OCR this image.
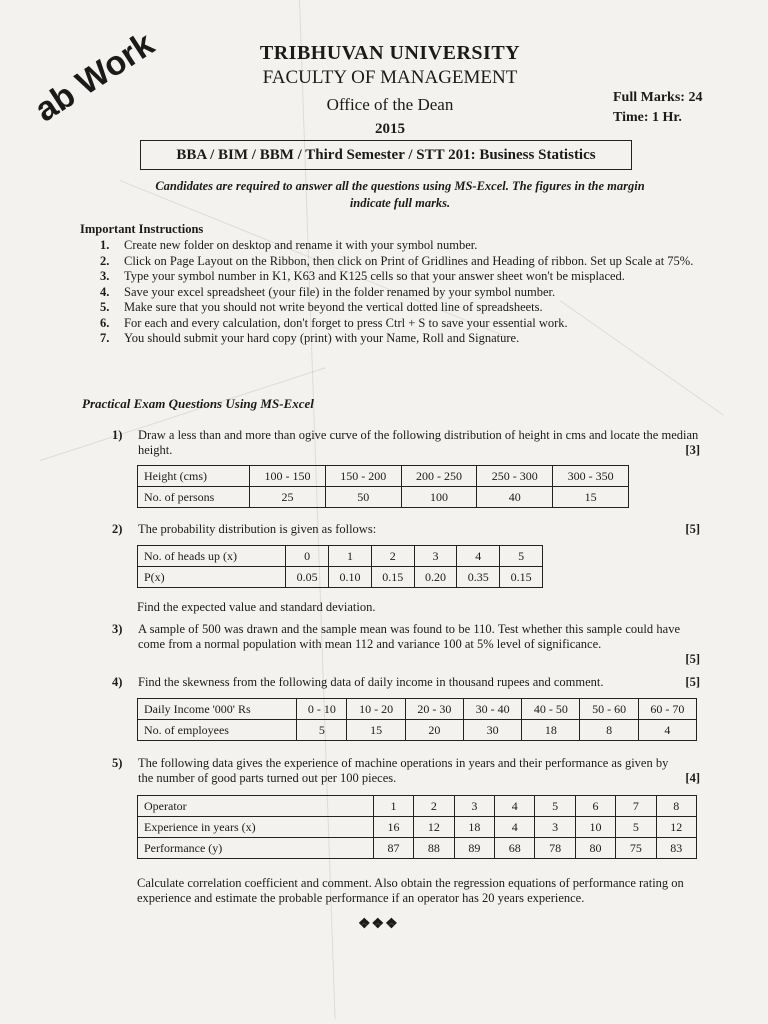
ab Work	TRIBHUVAN UNIVERSITY
FACULTY OF MANAGEMENT
Office of the Dean
2015
Full Marks: 24
Time: 1 Hr.
BBA / BIM / BBM / Third Semester / STT 201: Business Statistics
Candidates are required to answer all the questions using MS-Excel. The figures in the margin
indicate full marks.
Important Instructions
1.	Create new folder on desktop and rename it with your symbol number.
2.	Click on Page Layout on the Ribbon, then click on Print of Gridlines and Heading of ribbon. Set up Scale at 75%.
3.	Type your symbol number in K1, K63 and K125 cells so that your answer sheet won't be misplaced.
4.	Save your excel spreadsheet (your file) in the folder renamed by your symbol number.
5.	Make sure that you should not write beyond the vertical dotted line of spreadsheets.
6.	For each and every calculation, don't forget to press Ctrl + S to save your essential work.
7.	You should submit your hard copy (print) with your Name, Roll and Signature.
Practical Exam Questions Using MS-Excel
1) Draw a less than and more than ogive curve of the following distribution of height in cms and locate the median height.	[3]
Height (cms)	100 - 150	150 - 200	200 - 250	250 - 300	300 - 350
No. of persons	25	50	100	40	15
2) The probability distribution is given as follows:	[5]
No. of heads up (x)	0	1	2	3	4	5
P(x)	0.05	0.10	0.15	0.20	0.35	0.15
Find the expected value and standard deviation.
3) A sample of 500 was drawn and the sample mean was found to be 110. Test whether this sample could have come from a normal population with mean 112 and variance 100 at 5% level of significance.
[5]
4) Find the skewness from the following data of daily income in thousand rupees and comment.	[5]
Daily Income '000' Rs	0 - 10	10 - 20	20 - 30	30 - 40	40 - 50	50 - 60	60 - 70
No. of employees	5	15	20	30	18	8	4
5) The following data gives the experience of machine operations in years and their performance as given by the number of good parts turned out per 100 pieces.	[4]
Operator	1	2	3	4	5	6	7	8
Experience in years (x)	16	12	18	4	3	10	5	12
Performance (y)	87	88	89	68	78	80	75	83
Calculate correlation coefficient and comment. Also obtain the regression equations of performance rating on experience and estimate the probable performance if an operator has 20 years experience.
❖❖❖
